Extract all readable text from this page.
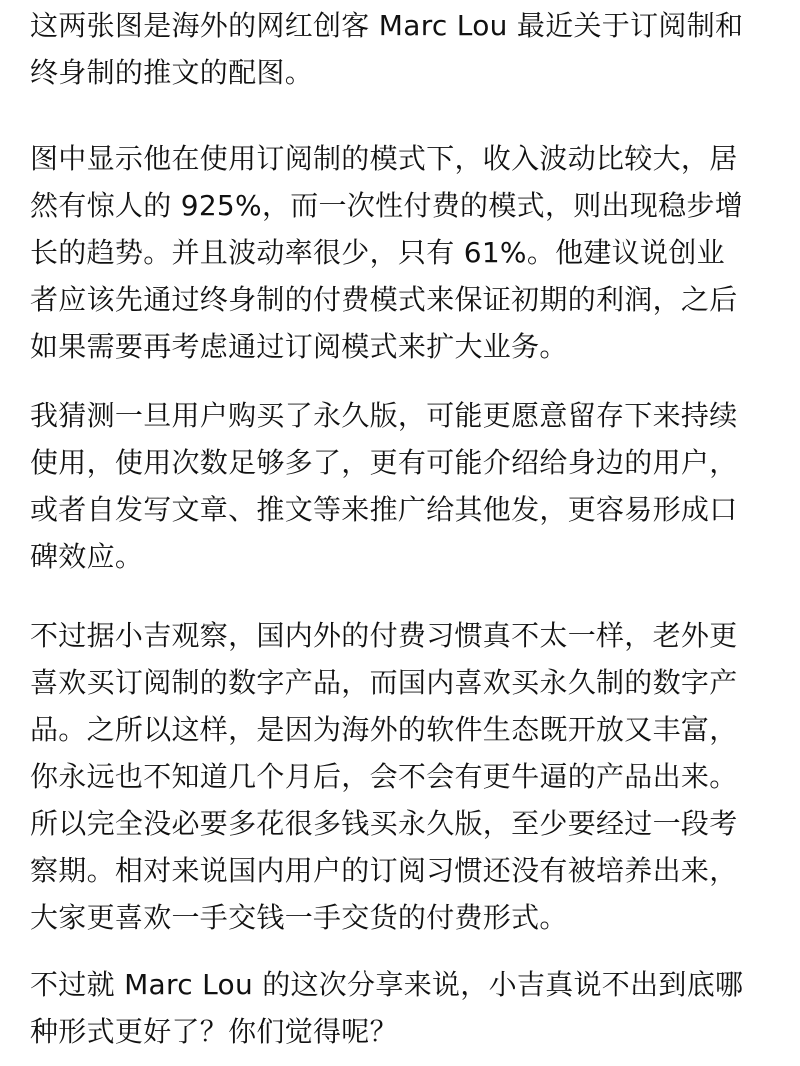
这两张图是海外的网红创客 Marc Lou 最近关于订阅制和
终身制的推文的配图。
图中显示他在使用订阅制的模式下，收入波动比较大，居
然有惊人的 925%，而一次性付费的模式，则出现稳步增
长的趋势。并且波动率很少，只有 61%。他建议说创业
者应该先通过终身制的付费模式来保证初期的利润，之后
如果需要再考虑通过订阅模式来扩大业务。
我猜测一旦用户购买了永久版，可能更愿意留存下来持续
使用，使用次数足够多了，更有可能介绍给身边的用户，
或者自发写文章、推文等来推广给其他发，更容易形成口
碑效应。
不过据小吉观察，国内外的付费习惯真不太一样，老外更
喜欢买订阅制的数字产品，而国内喜欢买永久制的数字产
品。之所以这样，是因为海外的软件生态既开放又丰富，
你永远也不知道几个月后，会不会有更牛逼的产品出来。
所以完全没必要多花很多钱买永久版，至少要经过一段考
察期。相对来说国内用户的订阅习惯还没有被培养出来，
大家更喜欢一手交钱一手交货的付费形式。
不过就 Marc Lou 的这次分享来说，小吉真说不出到底哪
种形式更好了？你们觉得呢？
